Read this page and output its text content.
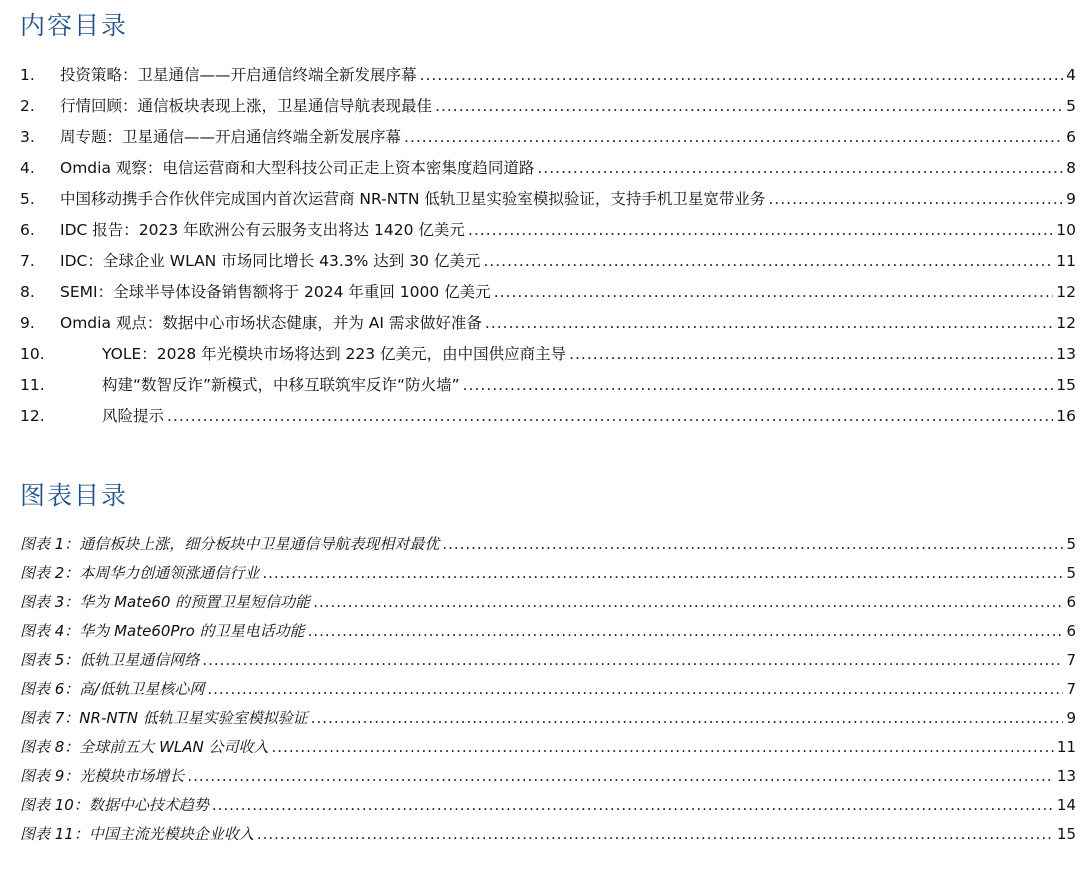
内容目录
1.	投资策略：卫星通信——开启通信终端全新发展序幕 .....	4
2.	行情回顾：通信板块表现上涨，卫星通信导航表现最佳 .....	5
3.	周专题：卫星通信——开启通信终端全新发展序幕 .....	6
4.	Omdia 观察：电信运营商和大型科技公司正走上资本密集度趋同道路 .....	8
5.	中国移动携手合作伙伴完成国内首次运营商 NR-NTN 低轨卫星实验室模拟验证，支持手机卫星宽带业务 .....	9
6.	IDC 报告：2023 年欧洲公有云服务支出将达 1420 亿美元 .....	10
7.	IDC：全球企业 WLAN 市场同比增长 43.3% 达到 30 亿美元 .....	11
8.	SEMI：全球半导体设备销售额将于 2024 年重回 1000 亿美元 .....	12
9.	Omdia 观点：数据中心市场状态健康，并为 AI 需求做好准备 .....	12
10.	YOLE：2028 年光模块市场将达到 223 亿美元，由中国供应商主导 .....	13
11.	构建“数智反诈”新模式，中移互联筑牢反诈“防火墙” .....	15
12.	风险提示 .....	16
图表目录
图表 1：通信板块上涨，细分板块中卫星通信导航表现相对最优 .....	5
图表 2：本周华力创通领涨通信行业 .....	5
图表 3：华为 Mate60 的预置卫星短信功能 .....	6
图表 4：华为 Mate60Pro 的卫星电话功能 .....	6
图表 5：低轨卫星通信网络 .....	7
图表 6：高/低轨卫星核心网 .....	7
图表 7：NR-NTN 低轨卫星实验室模拟验证 .....	9
图表 8：全球前五大 WLAN 公司收入 .....	11
图表 9：光模块市场增长 .....	13
图表 10：数据中心技术趋势 .....	14
图表 11：中国主流光模块企业收入 .....	15
